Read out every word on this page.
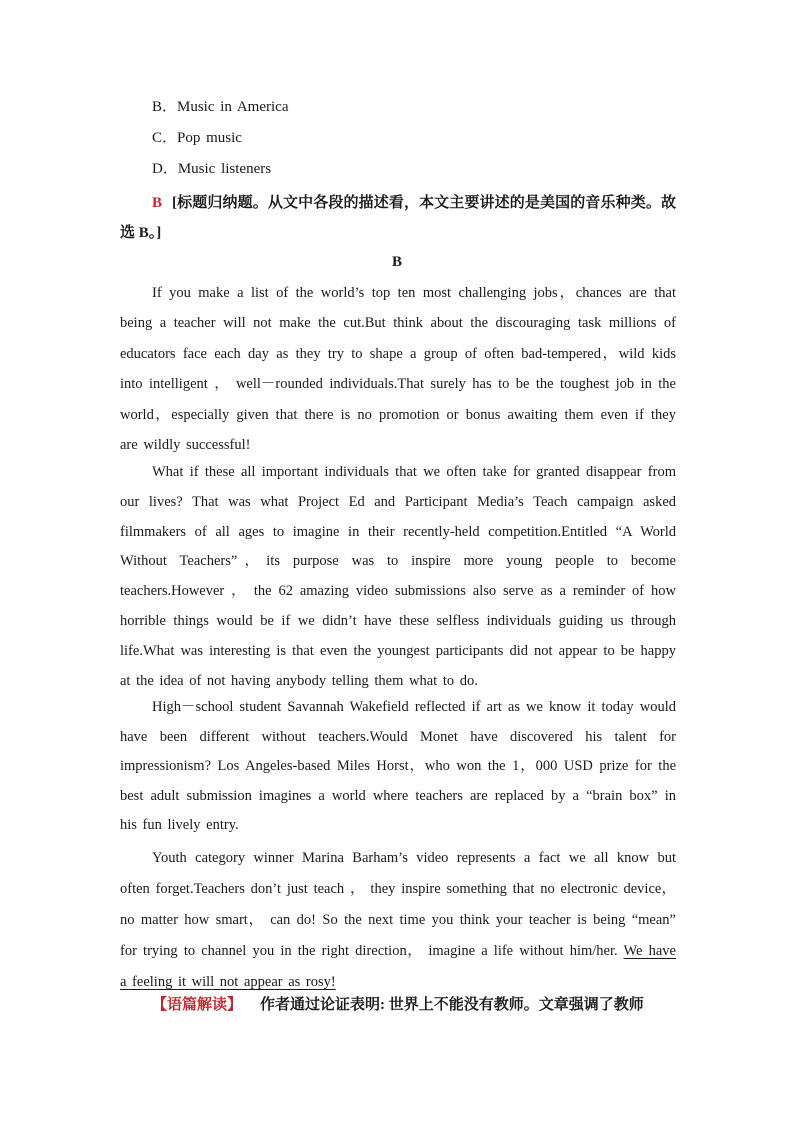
B．Music in America
C．Pop music
D．Music listeners
B [标题归纳题。从文中各段的描述看，本文主要讲述的是美国的音乐种类。故选 B。]
B

If you make a list of the world’s top ten most challenging jobs，chances are that being a teacher will not make the cut.But think about the discouraging task millions of educators face each day as they try to shape a group of often bad-tempered，wild kids into intelligent ， well－rounded individuals.That surely has to be the toughest job in the world，especially given that there is no promotion or bonus awaiting them even if they are wildly successful!

What if these all important individuals that we often take for granted disappear from our lives? That was what Project Ed and Participant Media’s Teach campaign asked filmmakers of all ages to imagine in their recently-held competition.Entitled “A World Without Teachers”，its purpose was to inspire more young people to become teachers.However ， the 62 amazing video submissions also serve as a reminder of how horrible things would be if we didn’t have these selfless individuals guiding us through life.What was interesting is that even the youngest participants did not appear to be happy at the idea of not having anybody telling them what to do.

High－school student Savannah Wakefield reflected if art as we know it today would have been different without teachers.Would Monet have discovered his talent for impressionism? Los Angeles-based Miles Horst，who won the 1，000 USD prize for the best adult submission imagines a world where teachers are replaced by a “brain box” in his fun lively entry.

Youth category winner Marina Barham’s video represents a fact we all know but often forget.Teachers don’t just teach ， they inspire something that no electronic device，no matter how smart， can do! So the next time you think your teacher is being “mean” for trying to channel you in the right direction， imagine a life without him/her. We have a feeling it will not appear as rosy!

【语篇解读】 作者通过论证表明: 世界上不能没有教师。文章强调了教师
